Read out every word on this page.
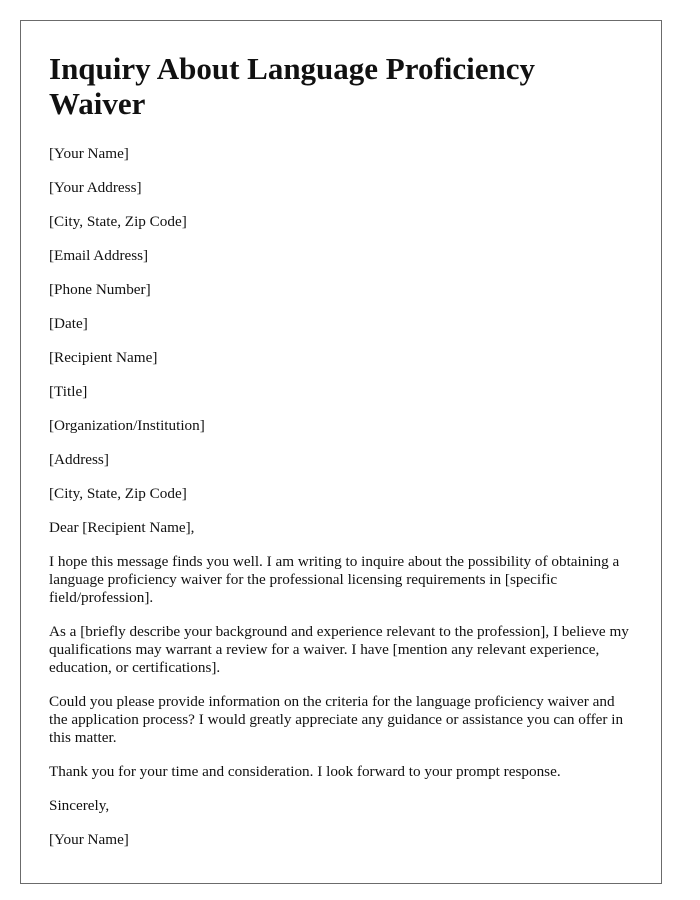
Inquiry About Language Proficiency Waiver

[Your Name]

[Your Address]

[City, State, Zip Code]

[Email Address]

[Phone Number]

[Date]

[Recipient Name]

[Title]

[Organization/Institution]

[Address]

[City, State, Zip Code]

Dear [Recipient Name],

I hope this message finds you well. I am writing to inquire about the possibility of obtaining a language proficiency waiver for the professional licensing requirements in [specific field/profession].

As a [briefly describe your background and experience relevant to the profession], I believe my qualifications may warrant a review for a waiver. I have [mention any relevant experience, education, or certifications].

Could you please provide information on the criteria for the language proficiency waiver and the application process? I would greatly appreciate any guidance or assistance you can offer in this matter.

Thank you for your time and consideration. I look forward to your prompt response.

Sincerely,

[Your Name]
